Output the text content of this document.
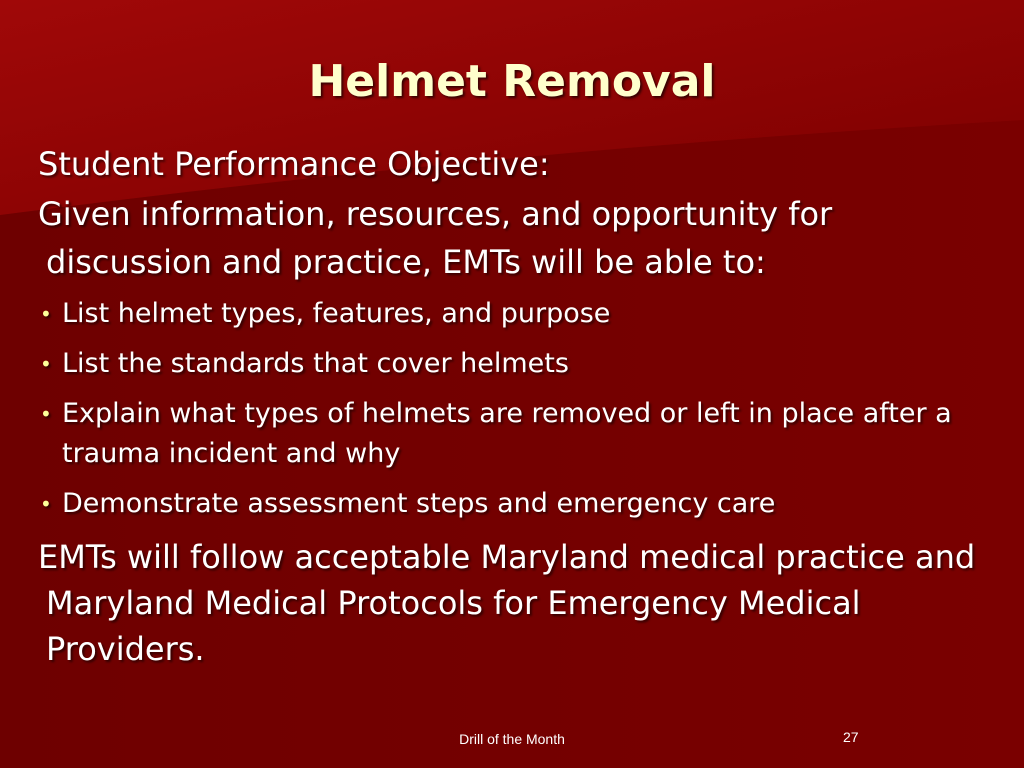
Helmet Removal

Student Performance Objective:

Given information, resources, and opportunity for discussion and practice, EMTs will be able to:

• List helmet types, features, and purpose
• List the standards that cover helmets
• Explain what types of helmets are removed or left in place after a trauma incident and why
• Demonstrate assessment steps and emergency care

EMTs will follow acceptable Maryland medical practice and Maryland Medical Protocols for Emergency Medical Providers.

Drill of the Month	27
